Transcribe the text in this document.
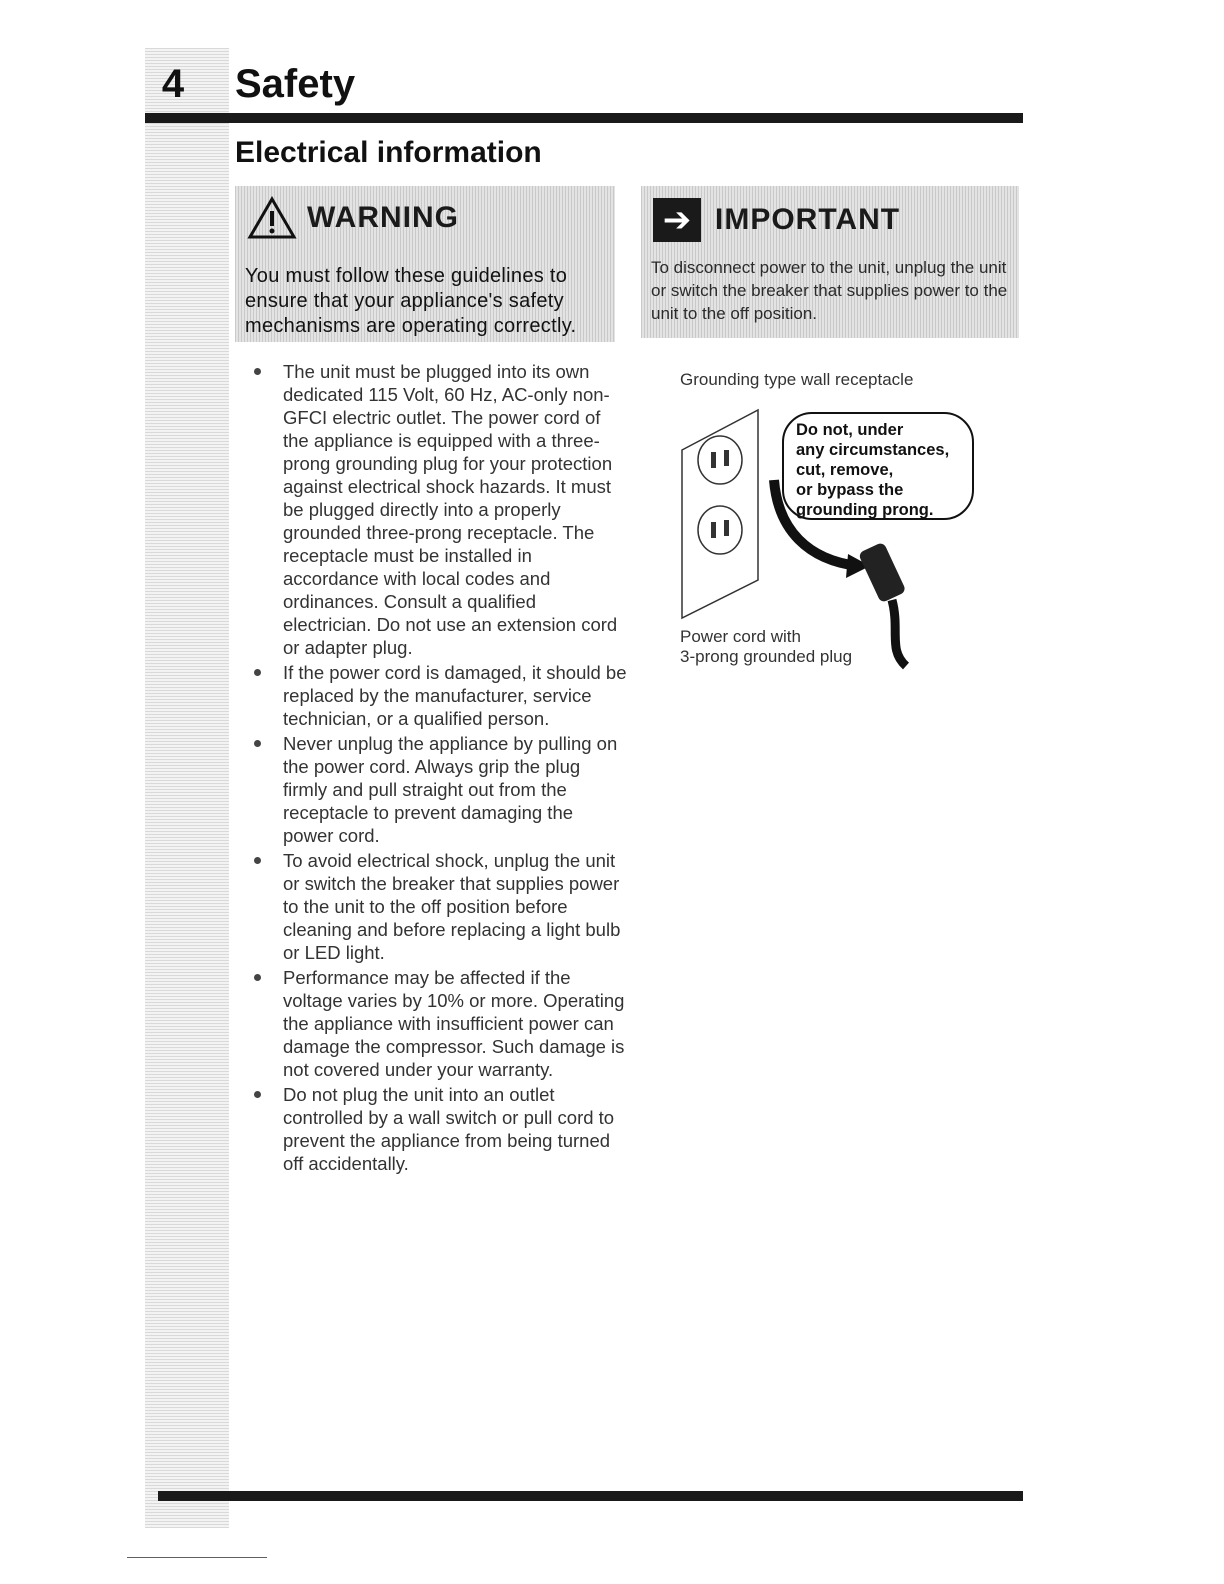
4 Safety
Electrical information
WARNING
You must follow these guidelines to ensure that your appliance's safety mechanisms are operating correctly.
➔ IMPORTANT
To disconnect power to the unit, unplug the unit or switch the breaker that supplies power to the unit to the off position.
The unit must be plugged into its own dedicated 115 Volt, 60 Hz, AC-only non-GFCI electric outlet. The power cord of the appliance is equipped with a three-prong grounding plug for your protection against electrical shock hazards. It must be plugged directly into a properly grounded three-prong receptacle. The receptacle must be installed in accordance with local codes and ordinances. Consult a qualified electrician. Do not use an extension cord or adapter plug.
If the power cord is damaged, it should be replaced by the manufacturer, service technician, or a qualified person.
Never unplug the appliance by pulling on the power cord. Always grip the plug firmly and pull straight out from the receptacle to prevent damaging the power cord.
To avoid electrical shock, unplug the unit or switch the breaker that supplies power to the unit to the off position before cleaning and before replacing a light bulb or LED light.
Performance may be affected if the voltage varies by 10% or more. Operating the appliance with insufficient power can damage the compressor. Such damage is not covered under your warranty.
Do not plug the unit into an outlet controlled by a wall switch or pull cord to prevent the appliance from being turned off accidentally.
Grounding type wall receptacle
Do not, under
any circumstances,
cut, remove,
or bypass the
grounding prong.
Power cord with
3-prong grounded plug
